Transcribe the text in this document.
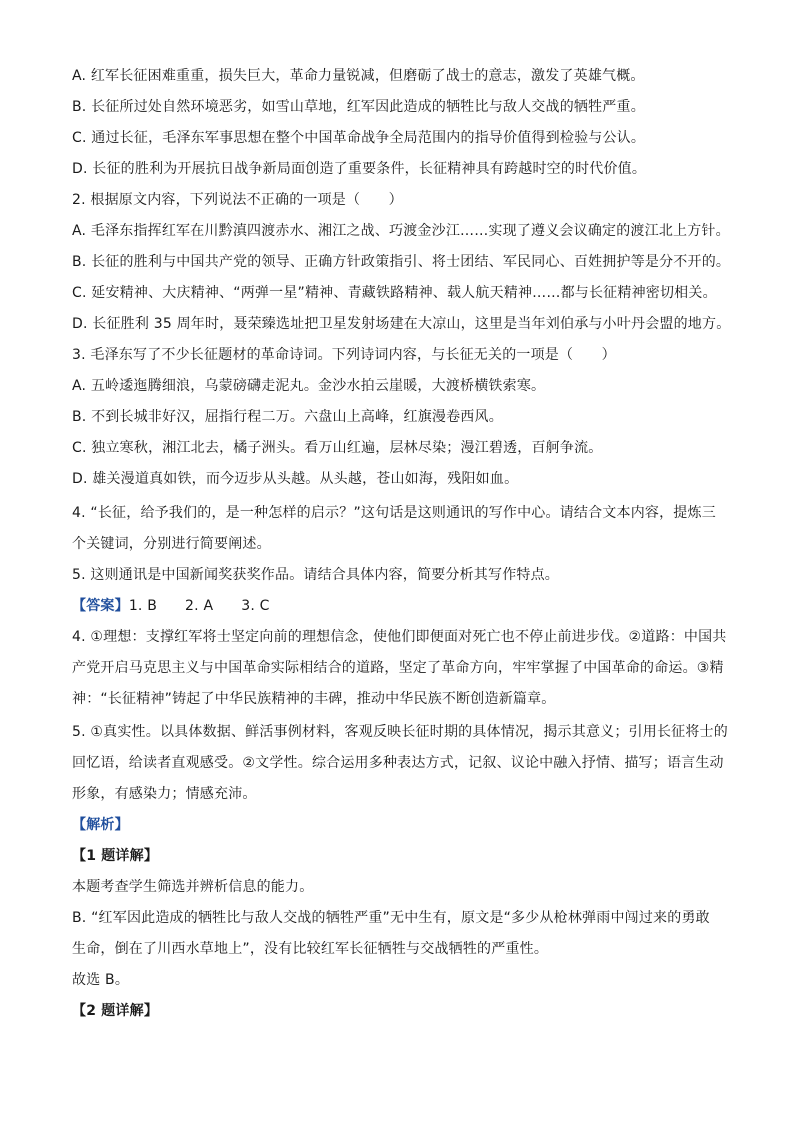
A. 红军长征困难重重，损失巨大，革命力量锐减，但磨砺了战士的意志，激发了英雄气概。
B. 长征所过处自然环境恶劣，如雪山草地，红军因此造成的牺牲比与敌人交战的牺牲严重。
C. 通过长征，毛泽东军事思想在整个中国革命战争全局范围内的指导价值得到检验与公认。
D. 长征的胜利为开展抗日战争新局面创造了重要条件，长征精神具有跨越时空的时代价值。
2. 根据原文内容，下列说法不正确的一项是（　　）
A. 毛泽东指挥红军在川黔滇四渡赤水、湘江之战、巧渡金沙江……实现了遵义会议确定的渡江北上方针。
B. 长征的胜利与中国共产党的领导、正确方针政策指引、将士团结、军民同心、百姓拥护等是分不开的。
C. 延安精神、大庆精神、“两弹一星”精神、青藏铁路精神、载人航天精神……都与长征精神密切相关。
D. 长征胜利 35 周年时，聂荣臻选址把卫星发射场建在大凉山，这里是当年刘伯承与小叶丹会盟的地方。
3. 毛泽东写了不少长征题材的革命诗词。下列诗词内容，与长征无关的一项是（　　）
A. 五岭逶迤腾细浪，乌蒙磅礴走泥丸。金沙水拍云崖暖，大渡桥横铁索寒。
B. 不到长城非好汉，屈指行程二万。六盘山上高峰，红旗漫卷西风。
C. 独立寒秋，湘江北去，橘子洲头。看万山红遍，层林尽染；漫江碧透，百舸争流。
D. 雄关漫道真如铁，而今迈步从头越。从头越，苍山如海，残阳如血。
4. “长征，给予我们的，是一种怎样的启示？”这句话是这则通讯的写作中心。请结合文本内容，提炼三
个关键词，分别进行简要阐述。
5. 这则通讯是中国新闻奖获奖作品。请结合具体内容，简要分析其写作特点。
【答案】1. B 2. A 3. C
4. ①理想：支撑红军将士坚定向前的理想信念，使他们即便面对死亡也不停止前进步伐。②道路：中国共
产党开启马克思主义与中国革命实际相结合的道路，坚定了革命方向，牢牢掌握了中国革命的命运。③精
神：“长征精神”铸起了中华民族精神的丰碑，推动中华民族不断创造新篇章。
5. ①真实性。以具体数据、鲜活事例材料，客观反映长征时期的具体情况，揭示其意义；引用长征将士的
回忆语，给读者直观感受。②文学性。综合运用多种表达方式，记叙、议论中融入抒情、描写；语言生动
形象，有感染力；情感充沛。
【解析】
【1 题详解】
本题考查学生筛选并辨析信息的能力。
B. “红军因此造成的牺牲比与敌人交战的牺牲严重”无中生有，原文是“多少从枪林弹雨中闯过来的勇敢
生命，倒在了川西水草地上”，没有比较红军长征牺牲与交战牺牲的严重性。
故选 B。
【2 题详解】
